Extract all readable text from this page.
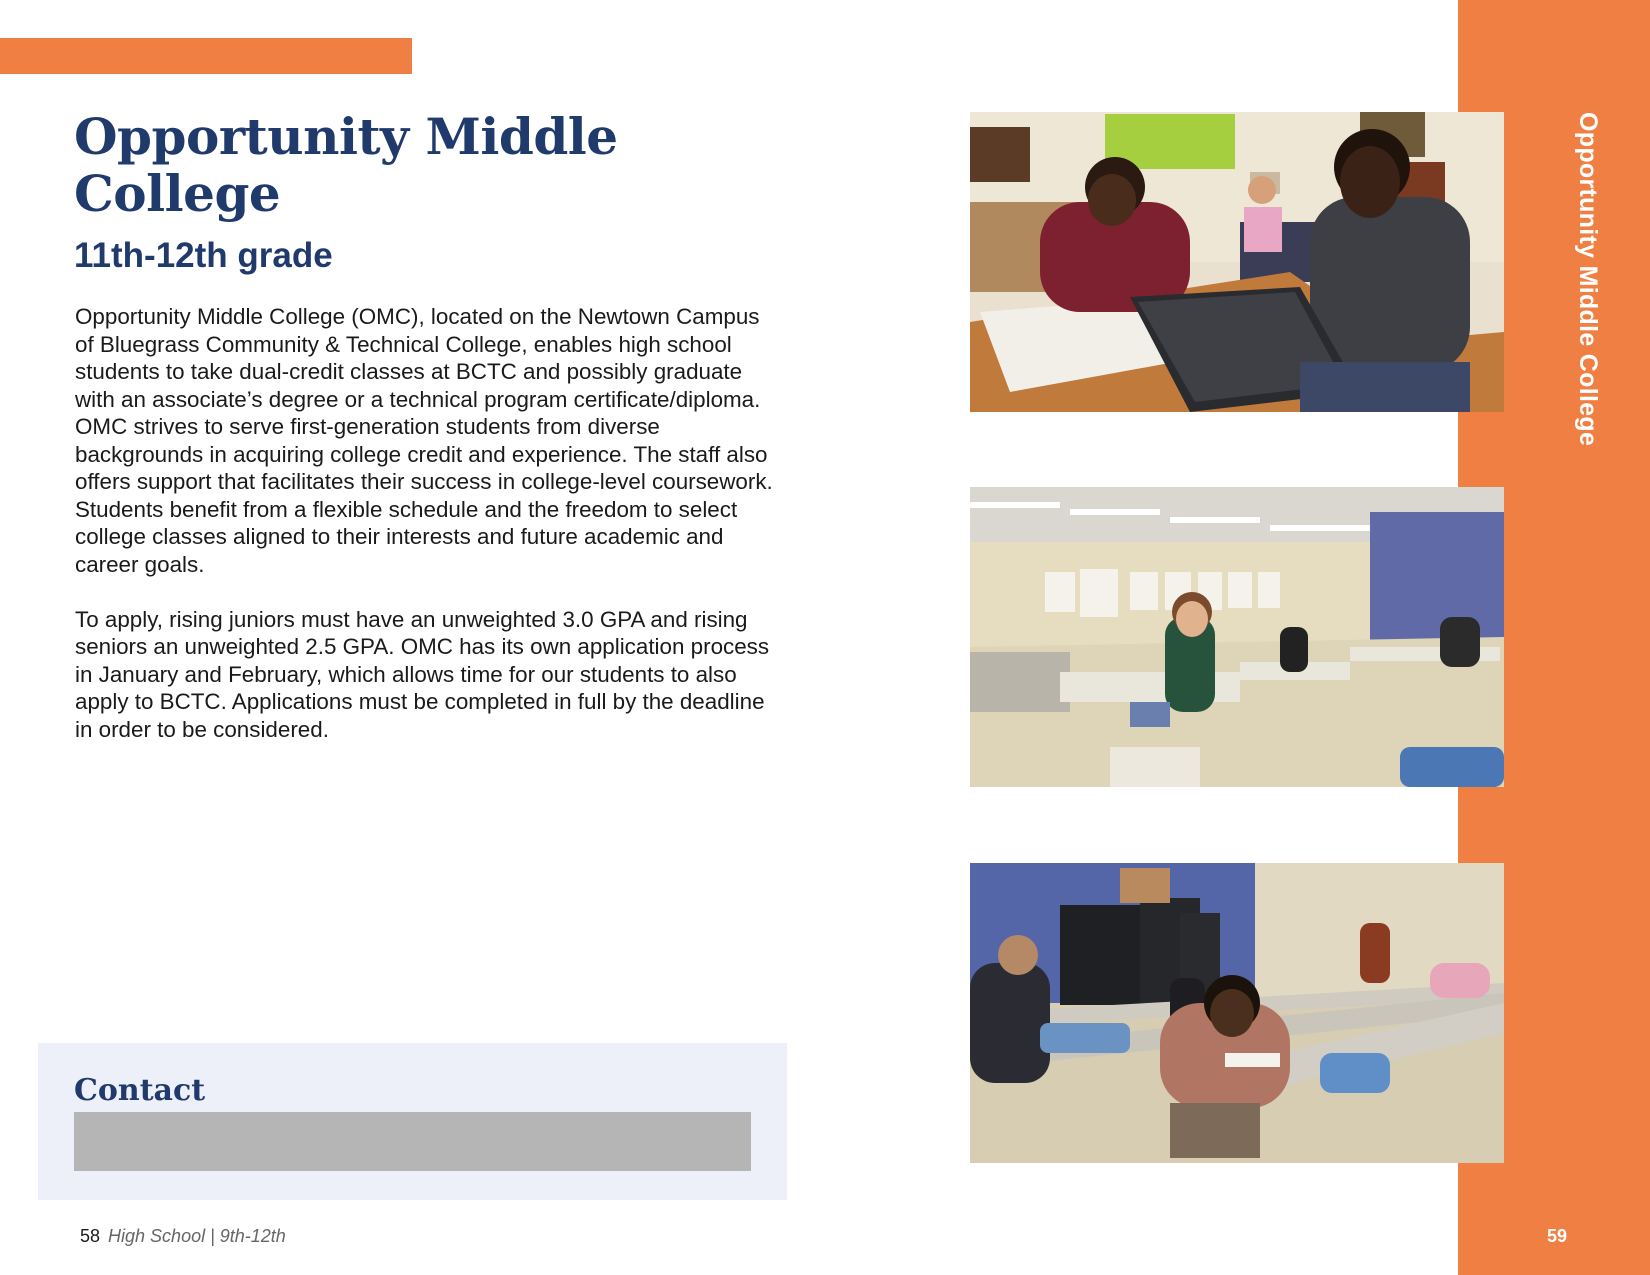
Opportunity Middle College
11th-12th grade

Opportunity Middle College (OMC), located on the Newtown Campus of Bluegrass Community & Technical College, enables high school students to take dual-credit classes at BCTC and possibly graduate with an associate’s degree or a technical program certificate/diploma. OMC strives to serve first-generation students from diverse backgrounds in acquiring college credit and experience. The staff also offers support that facilitates their success in college-level coursework. Students benefit from a flexible schedule and the freedom to select college classes aligned to their interests and future academic and career goals.

To apply, rising juniors must have an unweighted 3.0 GPA and rising seniors an unweighted 2.5 GPA. OMC has its own application process in January and February, which allows time for our students to also apply to BCTC. Applications must be completed in full by the deadline in order to be considered.

Contact
58 High School | 9th-12th
Opportunity Middle College
59
